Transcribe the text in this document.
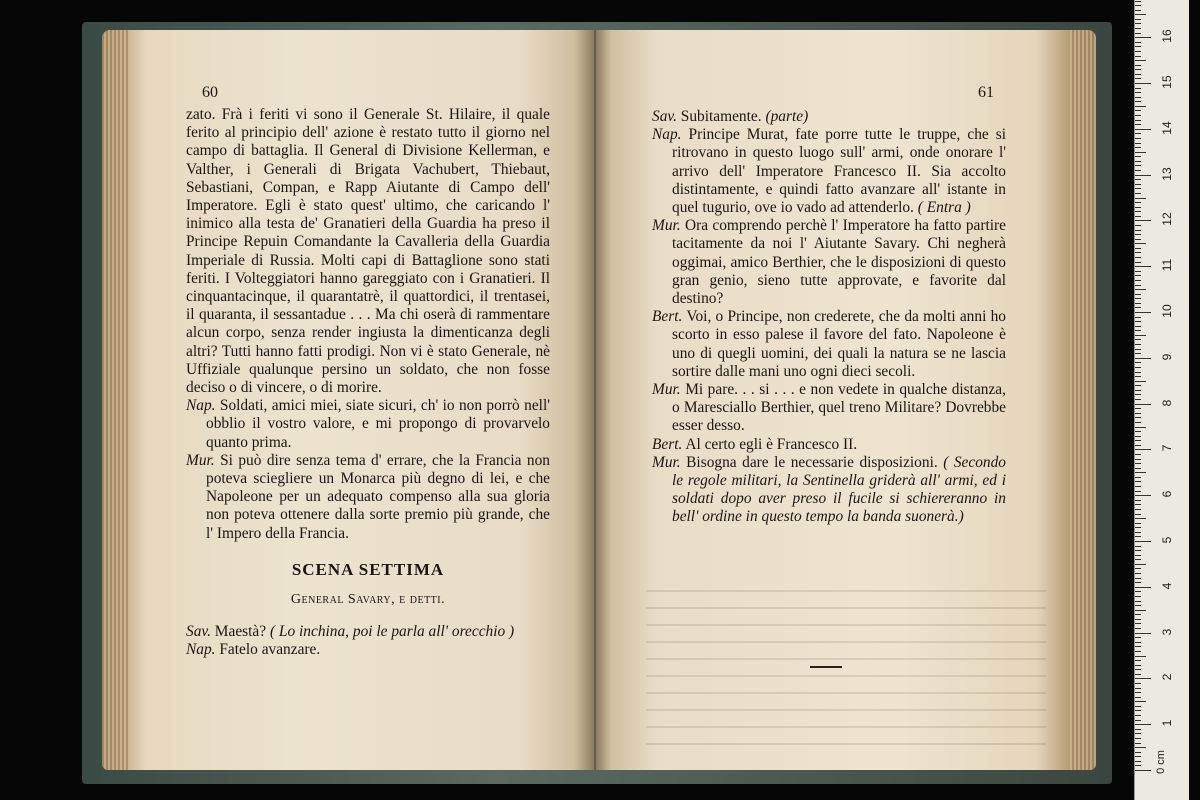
60

zato. Frà i feriti vi sono il Generale St. Hilaire, il quale ferito al principio dell' azione è restato tutto il giorno nel campo di battaglia. Il General di Divisione Kellerman, e Valther, i Generali di Brigata Vachubert, Thiebaut, Sebastiani, Compan, e Rapp Aiutante di Campo dell' Imperatore. Egli è stato quest' ultimo, che caricando l' inimico alla testa de' Granatieri della Guardia ha preso il Principe Repuin Comandante la Cavalleria della Guardia Imperiale di Russia. Molti capi di Battaglione sono stati feriti. I Volteggiatori hanno gareggiato con i Granatieri. Il cinquantacinque, il quarantatrè, il quattordici, il trentasei, il quaranta, il sessantadue . . . Ma chi oserà di rammentare alcun corpo, senza render ingiusta la dimenticanza degli altri? Tutti hanno fatti prodigi. Non vi è stato Generale, nè Uffiziale qualunque persino un soldato, che non fosse deciso o di vincere, o di morire.

Nap. Soldati, amici miei, siate sicuri, ch' io non porrò nell' obblio il vostro valore, e mi propongo di provarvelo quanto prima.

Mur. Si può dire senza tema d' errare, che la Francia non poteva sciegliere un Monarca più degno di lei, e che Napoleone per un adequato compenso alla sua gloria non poteva ottenere dalla sorte premio più grande, che l' Impero della Francia.

SCENA SETTIMA
General Savary, e detti.

Sav. Maestà? ( Lo inchina, poi le parla all' orecchio )

Nap. Fatelo avanzare.

61

Sav. Subitamente. (parte)

Nap. Principe Murat, fate porre tutte le truppe, che si ritrovano in questo luogo sull' armi, onde onorare l' arrivo dell' Imperatore Francesco II. Sia accolto distintamente, e quindi fatto avanzare all' istante in quel tugurio, ove io vado ad attenderlo. ( Entra )

Mur. Ora comprendo perchè l' Imperatore ha fatto partire tacitamente da noi l' Aiutante Savary. Chi negherà oggimai, amico Berthier, che le disposizioni di questo gran genio, sieno tutte approvate, e favorite dal destino?

Bert. Voi, o Principe, non crederete, che da molti anni ho scorto in esso palese il favore del fato. Napoleone è uno di quegli uomini, dei quali la natura se ne lascia sortire dalle mani uno ogni dieci secoli.

Mur. Mi pare. . . si . . . e non vedete in qualche distanza, o Maresciallo Berthier, quel treno Militare? Dovrebbe esser desso.

Bert. Al certo egli è Francesco II.

Mur. Bisogna dare le necessarie disposizioni. ( Secondo le regole militari, la Sentinella griderà all' armi, ed i soldati dopo aver preso il fucile si schiereranno in bell' ordine in questo tempo la banda suonerà.)

1
2
3
4
5
6
7
8
9
10
11
12
13
14
15
16
0 cm
